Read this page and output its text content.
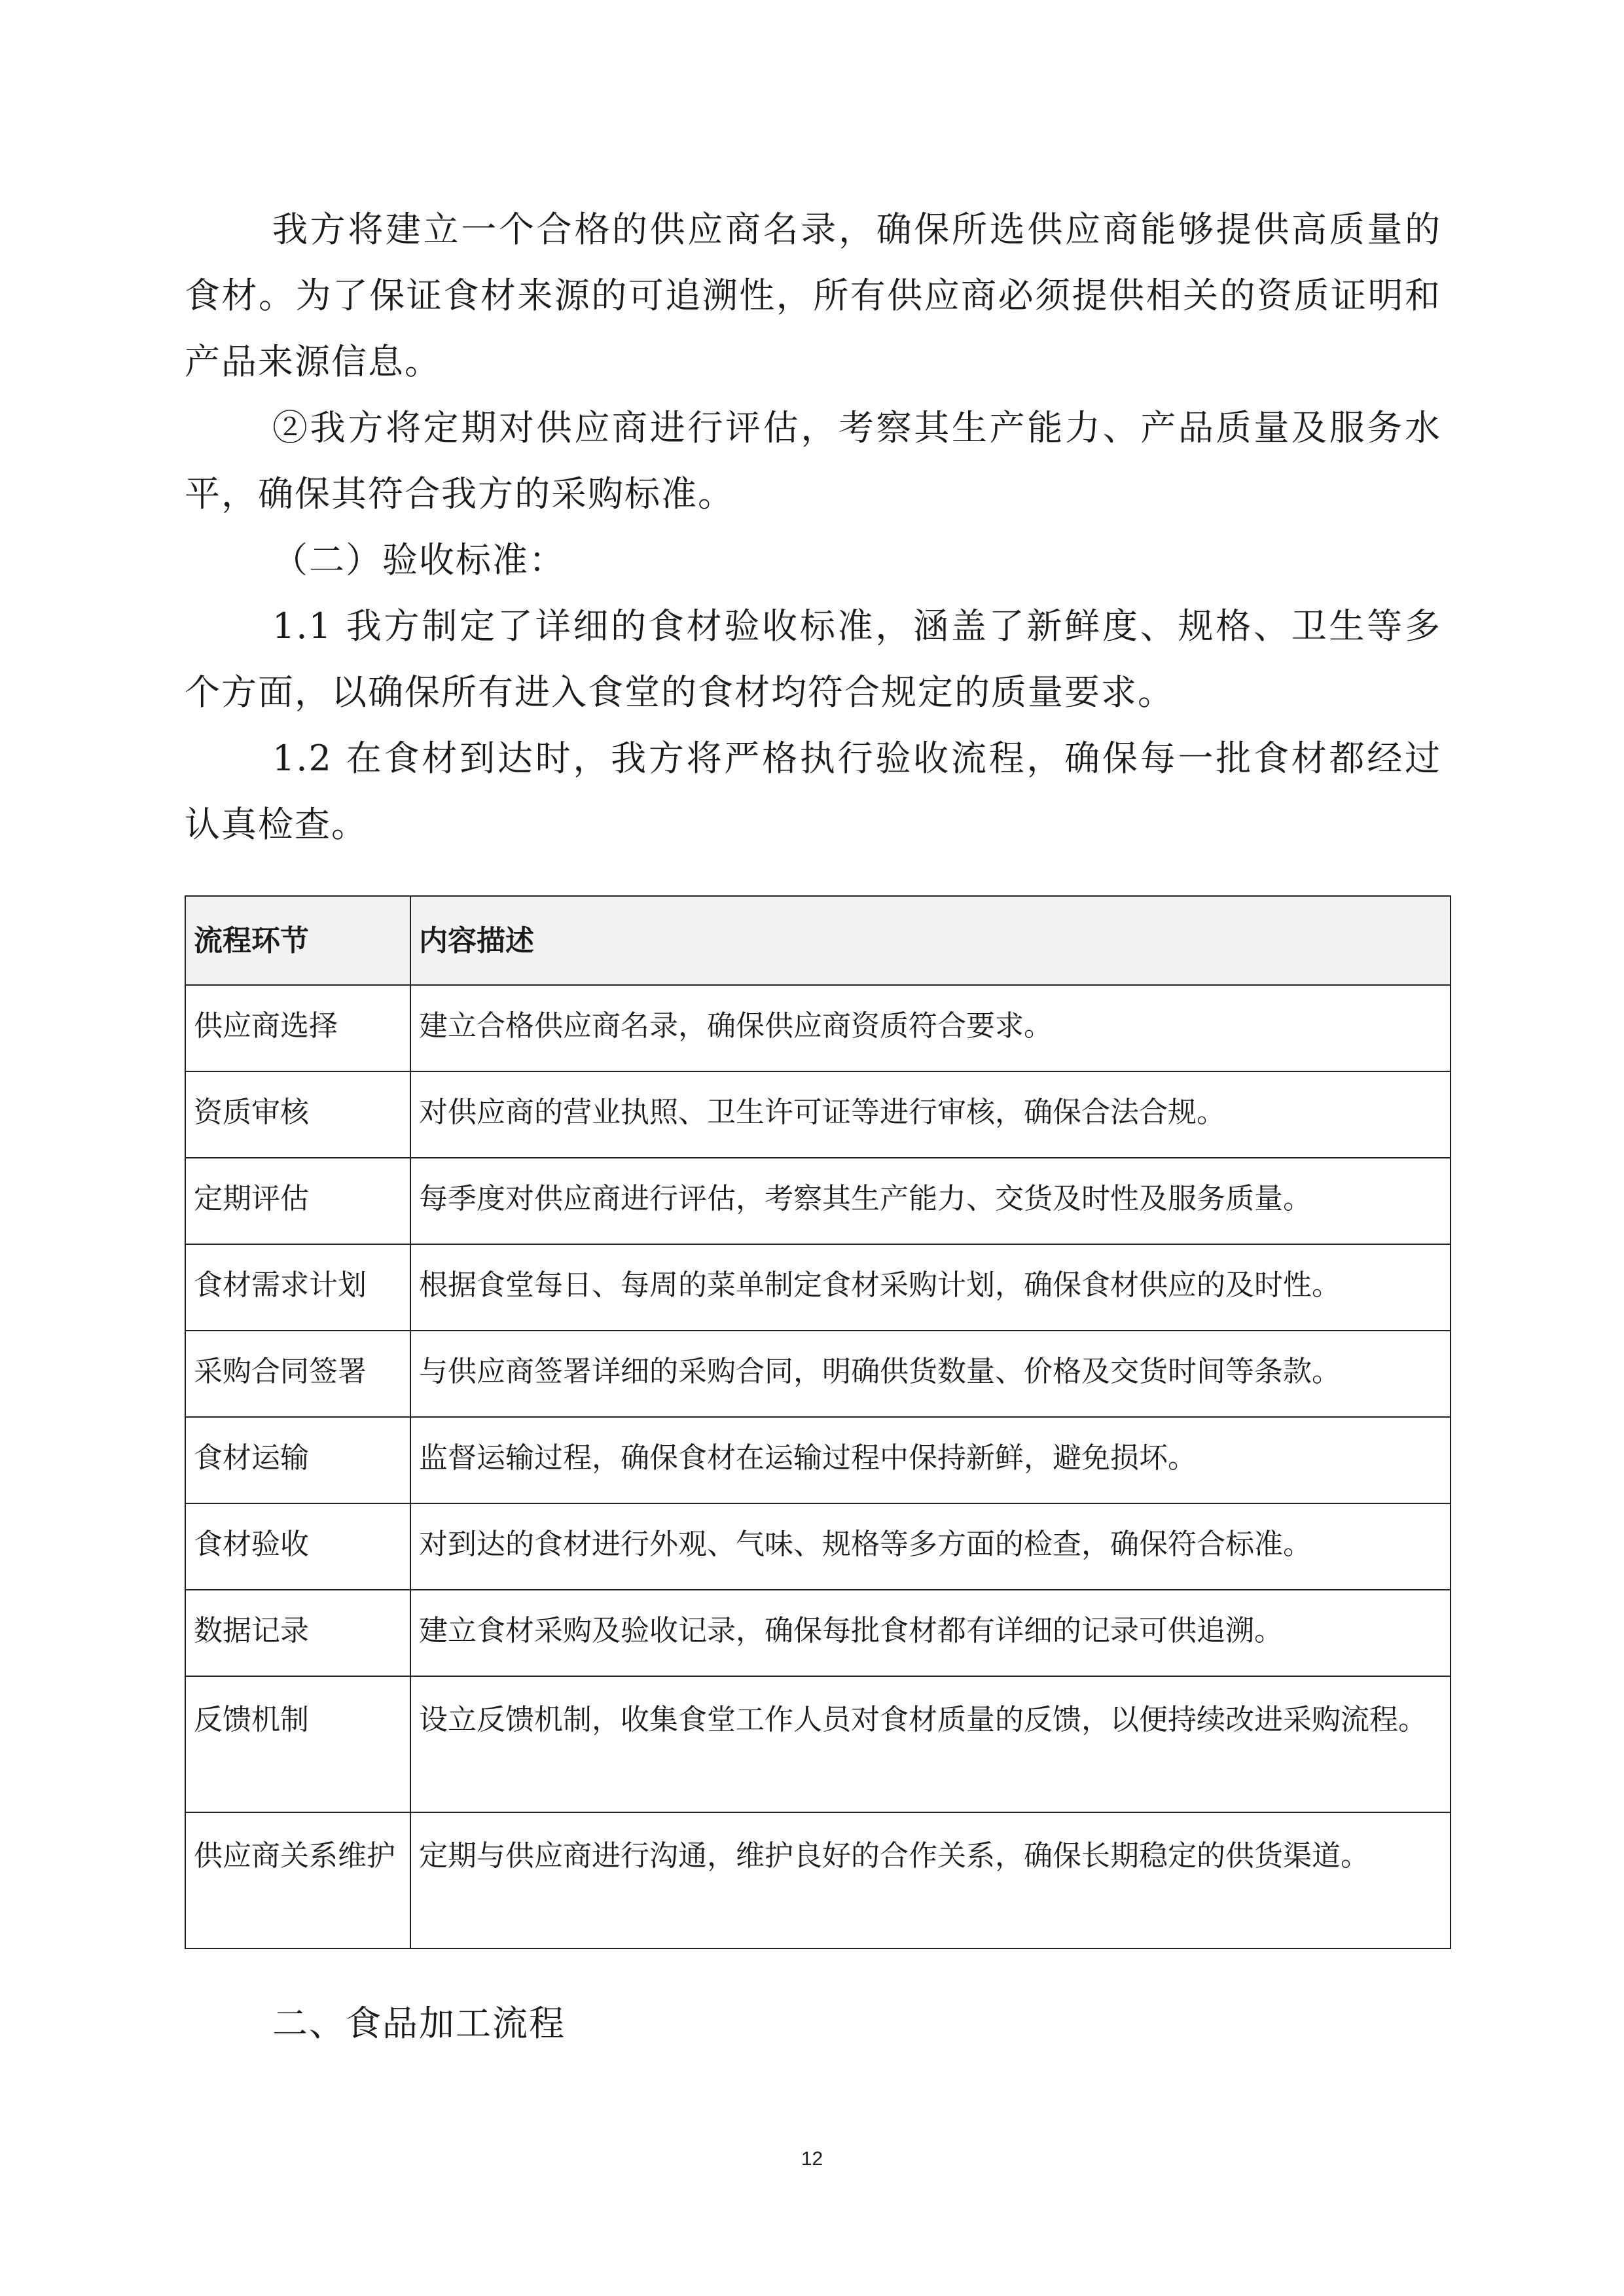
我方将建立一个合格的供应商名录，确保所选供应商能够提供高质量的食材。为了保证食材来源的可追溯性，所有供应商必须提供相关的资质证明和产品来源信息。

②我方将定期对供应商进行评估，考察其生产能力、产品质量及服务水平，确保其符合我方的采购标准。

（二）验收标准：

1.1 我方制定了详细的食材验收标准，涵盖了新鲜度、规格、卫生等多个方面，以确保所有进入食堂的食材均符合规定的质量要求。

1.2 在食材到达时，我方将严格执行验收流程，确保每一批食材都经过认真检查。

流程环节	内容描述
供应商选择	建立合格供应商名录，确保供应商资质符合要求。
资质审核	对供应商的营业执照、卫生许可证等进行审核，确保合法合规。
定期评估	每季度对供应商进行评估，考察其生产能力、交货及时性及服务质量。
食材需求计划	根据食堂每日、每周的菜单制定食材采购计划，确保食材供应的及时性。
采购合同签署	与供应商签署详细的采购合同，明确供货数量、价格及交货时间等条款。
食材运输	监督运输过程，确保食材在运输过程中保持新鲜，避免损坏。
食材验收	对到达的食材进行外观、气味、规格等多方面的检查，确保符合标准。
数据记录	建立食材采购及验收记录，确保每批食材都有详细的记录可供追溯。
反馈机制	设立反馈机制，收集食堂工作人员对食材质量的反馈，以便持续改进采购流程。
供应商关系维护	定期与供应商进行沟通，维护良好的合作关系，确保长期稳定的供货渠道。

二、食品加工流程

12
